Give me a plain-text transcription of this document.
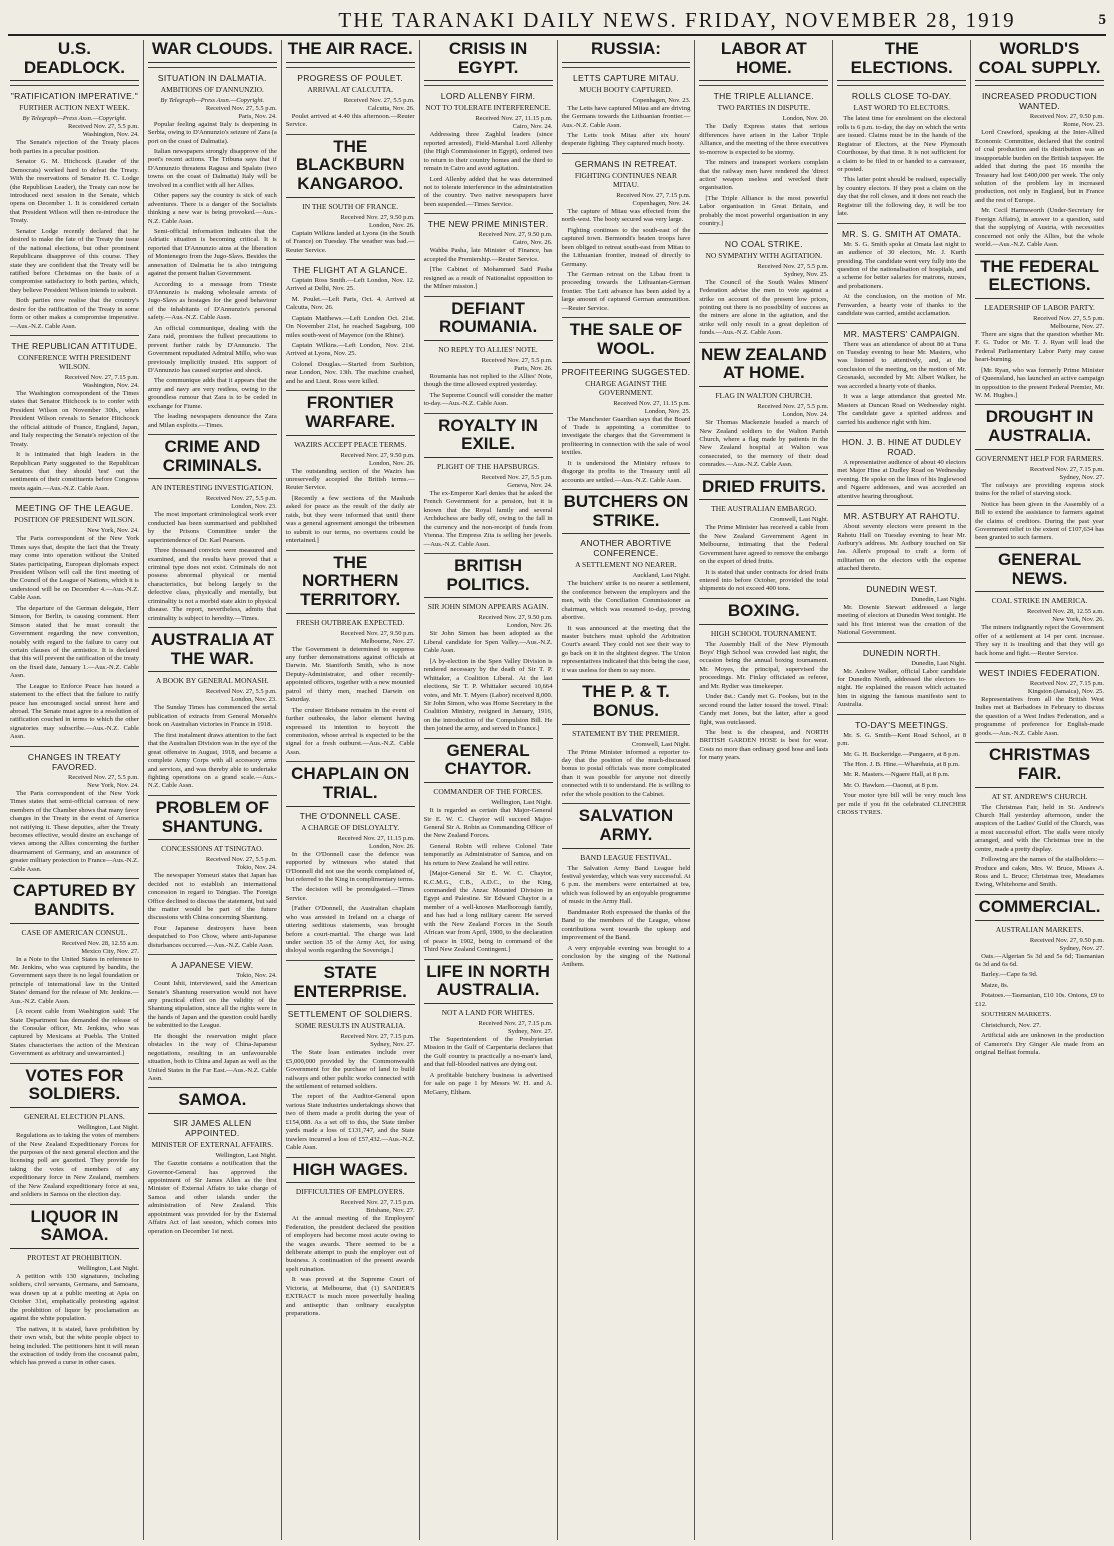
THE TARANAKI DAILY NEWS. FRIDAY, NOVEMBER 28, 1919	5
U.S. DEADLOCK.
"RATIFICATION IMPERATIVE."
FURTHER ACTION NEXT WEEK.
By Telegraph—Press Assn.—Copyright.
Received Nov. 27, 5.5 p.m.
Washington, Nov. 24.

The Senate's rejection of the Treaty places both parties in a peculiar position.

Senator G. M. Hitchcock (Leader of the Democrats) worked hard to defeat the Treaty. With the reservations of Senator H. C. Lodge (the Republican Leader), the Treaty can now be introduced next session in the Senate, which opens on December 1. It is considered certain that President Wilson will then re-introduce the Treaty.

Senator Lodge recently declared that he desired to make the fate of the Treaty the issue of the national elections, but other prominent Republicans disapprove of this course. They state they are confident that the Treaty will be ratified before Christmas on the basis of a compromise satisfactory to both parties, which, they believe President Wilson intends to submit.

Both parties now realise that the country's desire for the ratification of the Treaty in some form or other makes a compromise imperative.—Aus.-N.Z. Cable Assn.

THE REPUBLICAN ATTITUDE.
CONFERENCE WITH PRESIDENT WILSON.
Received Nov. 27, 7.15 p.m.
Washington, Nov. 24.

The Washington correspondent of the Times states that Senator Hitchcock is to confer with President Wilson on November 30th., when President Wilson reveals to Senator Hitchcock the official attitude of France, England, Japan, and Italy respecting the Senate's rejection of the Treaty.

It is intimated that high leaders in the Republican Party suggested to the Republican Senators that they should 'test' out the sentiments of their constituents before Congress meets again.—Aus.-N.Z. Cable Assn.

MEETING OF THE LEAGUE.
POSITION OF PRESIDENT WILSON.
New York, Nov. 24.

The Paris correspondent of the New York Times says that, despite the fact that the Treaty may come into operation without the United States participating, European diplomats expect President Wilson will call the first meeting of the Council of the League of Nations, which it is understood will be on December 4.—Aus.-N.Z. Cable Assn.

The departure of the German delegate, Herr Simson, for Berlin, is causing comment. Herr Simson stated that he must consult the Government regarding the new convention, notably with regard to the failure to carry out certain clauses of the armistice. It is declared that this will prevent the ratification of the treaty on the fixed date, January 1.—Aus.-N.Z. Cable Assn.

The League to Enforce Peace has issued a statement to the effect that the failure to ratify peace has encouraged social unrest here and abroad. The Senate must agree to a resolution of ratification couched in terms to which the other signatories may subscribe.—Aus.-N.Z. Cable Assn.

CHANGES IN TREATY FAVORED.
Received Nov. 27, 5.5 p.m.
New York, Nov. 24.

The Paris correspondent of the New York Times states that semi-official canvass of new members of the Chamber shows that many favor changes in the Treaty in the event of America not ratifying it. These deputies, after the Treaty becomes effective, would desire an exchange of views among the Allies concerning the further disarmament of Germany, and an assurance of greater military protection to France—Aus.-N.Z. Cable Assn.

CAPTURED BY BANDITS.
CASE OF AMERICAN CONSUL.
Received Nov. 28, 12.55 a.m.
Mexico City, Nov. 27.

In a Note to the United States in reference to Mr. Jenkins, who was captured by bandits, the Government says there is no legal foundation or principle of international law in the United States' demand for the release of Mr. Jenkins.—Aus.-N.Z. Cable Assn.

[A recent cable from Washington said: The State Department has demanded the release of the Consular officer, Mr. Jenkins, who was captured by Mexicans at Puebla. The United States characterises the action of the Mexican Government as arbitrary and unwarranted.]

VOTES FOR SOLDIERS.
GENERAL ELECTION PLANS.
Wellington, Last Night.

Regulations as to taking the votes of members of the New Zealand Expeditionary Forces for the purposes of the next general election and the licensing poll are gazetted. They provide for taking the votes of members of any expeditionary force in New Zealand, members of the New Zealand expeditionary force at sea, and soldiers in Samoa on the election day.

LIQUOR IN SAMOA.
PROTEST AT PROHIBITION.
Wellington, Last Night.

A petition with 130 signatures, including soldiers, civil servants, Germans, and Samoans, was drawn up at a public meeting at Apia on October 31st, emphatically protesting against the prohibition of liquor by proclamation as against the white population.

The natives, it is stated, have prohibition by their own wish, but the white people object to being included. The petitioners hint it will mean the extraction of toddy from the cocoanut palm, which has proved a curse in other cases.

WAR CLOUDS.
SITUATION IN DALMATIA.
AMBITIONS OF D'ANNUNZIO.
By Telegraph—Press Assn.—Copyright.
Received Nov. 27, 5.5 p.m.
Paris, Nov. 24.

Popular feeling against Italy is deepening in Serbia, owing to D'Annunzio's seizure of Zara (a port on the coast of Dalmatia).

Italian newspapers strongly disapprove of the poet's recent actions. The Tribuna says that if D'Annunzio threatens Ragusa and Spalato (two towns on the coast of Dalmatia) Italy will be involved in a conflict with all her Allies.

Other papers say the country is sick of such adventures. There is a danger of the Socialists thinking a new war is being provoked.—Aus.-N.Z. Cable Assn.

Semi-official information indicates that the Adriatic situation is becoming critical. It is reported that D'Annunzio aims at the liberation of Montenegro from the Jugo-Slavs. Besides the annexation of Dalmatia he is also intriguing against the present Italian Government.

According to a message from Trieste D'Annunzio is making wholesale arrests of Jugo-Slavs as hostages for the good behaviour of the inhabitants of D'Annunzio's personal safety.—Aus.-N.Z. Cable Assn.

An official communique, dealing with the Zara raid, promises the fullest precautions to prevent further raids by D'Annunzio. The Government repudiated Admiral Millo, who was previously implicitly trusted. His support of D'Annunzio has caused surprise and shock.

The communique adds that it appears that the army and navy are very restless, owing to the groundless rumour that Zara is to be ceded in exchange for Fiume.

The leading newspapers denounce the Zara and Milan exploits.—Times.

CRIME AND CRIMINALS.
AN INTERESTING INVESTIGATION.
Received Nov. 27, 5.5 p.m.
London, Nov. 23.

The most important criminological work ever conducted has been summarised and published by the Prisons Committee under the superintendence of Dr. Karl Pearson.

Three thousand convicts were measured and examined, and the results have proved that a criminal type does not exist. Criminals do not possess abnormal physical or mental characteristics, but belong largely to the defective class, physically and mentally, but criminality is not a morbid state akin to physical disease. The report, nevertheless, admits that criminality is subject to heredity.—Times.

AUSTRALIA AT THE WAR.
A BOOK BY GENERAL MONASH.
Received Nov. 27, 5.5 p.m.
London, Nov. 23.

The Sunday Times has commenced the serial publication of extracts from General Monash's book on Australian victories in France in 1918.

The first instalment draws attention to the fact that the Australian Division was in the eye of the great offensive in August, 1918, and became a complete Army Corps with all accessory arms and services, and was thereby able to undertake fighting operations on a grand scale.—Aus.-N.Z. Cable Assn.

PROBLEM OF SHANTUNG.
CONCESSIONS AT TSINGTAO.
Received Nov. 27, 5.5 p.m.
Tokio, Nov. 24.

The newspaper Yomeuri states that Japan has decided not to establish an international concession in regard to Tsingtao. The Foreign Office declined to discuss the statement, but said the matter would be part of the future discussions with China concerning Shantung.

Four Japanese destroyers have been despatched to Foo Chow, where anti-Japanese disturbances occurred.—Aus.-N.Z. Cable Assn.

A JAPANESE VIEW.
Tokio, Nov. 24.

Count Ishii, interviewed, said the American Senate's Shantung reservation would not have any practical effect on the validity of the Shantung stipulation, since all the rights were in the hands of Japan and the question could hardly be submitted to the League.

He thought the reservation might place obstacles in the way of China-Japanese negotiations, resulting in an unfavourable situation, both to China and Japan as well as the United States in the Far East.—Aus.-N.Z. Cable Assn.

SAMOA.
SIR JAMES ALLEN APPOINTED.
MINISTER OF EXTERNAL AFFAIRS.
Wellington, Last Night.

The Gazette contains a notification that the Governor-General has approved the appointment of Sir James Allen as the first Minister of External Affairs to take charge of Samoa and other islands under the administration of New Zealand. This appointment was provided for by the External Affairs Act of last session, which comes into operation on December 1st next.

THE AIR RACE.
PROGRESS OF POULET.
ARRIVAL AT CALCUTTA.
Received Nov. 27, 5.5 p.m.
Calcutta, Nov. 26.

Poulet arrived at 4.40 this afternoon.—Reuter Service.

THE BLACKBURN KANGAROO.
IN THE SOUTH OF FRANCE.
Received Nov. 27, 9.50 p.m.
London, Nov. 26.

Captain Wilkins landed at Lyons (in the South of France) on Tuesday. The weather was bad.—Reuter Service.

THE FLIGHT AT A GLANCE.

Captain Ross Smith.—Left London, Nov. 12. Arrived at Delhi, Nov. 25.

M. Poulet.—Left Paris, Oct. 4. Arrived at Calcutta, Nov. 26.

Captain Matthews.—Left London Oct. 21st. On November 21st, he reached Sagsburg, 100 miles south-west of Mayence (on the Rhine).

Captain Wilkins.—Left London, Nov. 21st. Arrived at Lyons, Nov. 25.

Colonel Douglas.—Started from Surbiton, near London, Nov. 13th. The machine crashed, and he and Lieut. Ross were killed.

FRONTIER WARFARE.
WAZIRS ACCEPT PEACE TERMS.
Received Nov. 27, 9.50 p.m.
London, Nov. 26.

The outstanding section of the Wazirs has unreservedly accepted the British terms.—Reuter Service.

[Recently a few sections of the Mashuds asked for peace as the result of the daily air raids, but they were informed that until there was a general agreement amongst the tribesmen to submit to our terms, no overtures could be entertained.]

THE NORTHERN TERRITORY.
FRESH OUTBREAK EXPECTED.
Received Nov. 27, 9.50 p.m.
Melbourne, Nov. 27.

The Government is determined to suppress any further demonstrations against officials at Darwin. Mr. Staniforth Smith, who is now Deputy-Administrator, and other recently-appointed officers, together with a new mounted patrol of thirty men, reached Darwin on Saturday.

The cruiser Brisbane remains in the event of further outbreaks, the labor element having expressed its intention to boycott the commission, whose arrival is expected to be the signal for a fresh outburst.—Aus.-N.Z. Cable Assn.

CHAPLAIN ON TRIAL.
THE O'DONNELL CASE.
A CHARGE OF DISLOYALTY.
Received Nov. 27, 11.15 p.m.
London, Nov. 26.

In the O'Donnell case the defence was supported by witnesses who stated that O'Donnell did not use the words complained of, but referred to the King in complimentary terms.

The decision will be promulgated.—Times Service.

[Father O'Donnell, the Australian chaplain who was arrested in Ireland on a charge of uttering seditious statements, was brought before a court-martial. The charge was laid under section 35 of the Army Act, for using disloyal words regarding the Sovereign.]

STATE ENTERPRISE.
SETTLEMENT OF SOLDIERS.
SOME RESULTS IN AUSTRALIA.
Received Nov. 27, 7.15 p.m.
Sydney, Nov. 27.

The State loan estimates include over £5,000,000 provided by the Commonwealth Government for the purchase of land to build railways and other public works connected with the settlement of returned soldiers.

The report of the Auditor-General upon various State industries undertakings shows that two of them made a profit during the year of £154,088. As a set off to this, the State timber yards made a loss of £131,747, and the State trawlers incurred a loss of £57,432.—Aus.-N.Z. Cable Assn.

HIGH WAGES.
DIFFICULTIES OF EMPLOYERS.
Received Nov. 27, 7.15 p.m.
Brisbane, Nov. 27.

At the annual meeting of the Employers' Federation, the president declared the position of employers had become most acute owing to the wages awards. There seemed to be a deliberate attempt to push the employer out of business. A continuation of the present awards spelt ruination.

It was proved at the Supreme Court of Victoria, at Melbourne, that (1) SANDER'S EXTRACT is much more powerfully healing and antiseptic than ordinary eucalyptus preparations.

CRISIS IN EGYPT.
LORD ALLENBY FIRM.
NOT TO TOLERATE INTERFERENCE.
Received Nov. 27, 11.15 p.m.
Cairo, Nov. 24.

Addressing three Zaghlul leaders (since reported arrested), Field-Marshal Lord Allenby (the High Commissioner in Egypt), ordered two to return to their country homes and the third to remain in Cairo and avoid agitation.

Lord Allenby added that he was determined not to tolerate interference in the administration of the country. Two native newspapers have been suspended.—Times Service.

THE NEW PRIME MINISTER.
Received Nov. 27, 9.50 p.m.
Cairo, Nov. 26.

Wahba Pasha, late Minister of Finance, has accepted the Premiership.—Reuter Service.

[The Cabinet of Mohammed Said Pasha resigned as a result of Nationalist opposition to the Milner mission.]

DEFIANT ROUMANIA.
NO REPLY TO ALLIES' NOTE.
Received Nov. 27, 5.5 p.m.
Paris, Nov. 26.

Roumania has not replied to the Allies' Note, though the time allowed expired yesterday.

The Supreme Council will consider the matter to-day.—Aus.-N.Z. Cable Assn.

ROYALTY IN EXILE.
PLIGHT OF THE HAPSBURGS.
Received Nov. 27, 5.5 p.m.
Geneva, Nov. 24.

The ex-Emperor Karl denies that he asked the French Government for a pension, but it is known that the Royal family and several Archduchess are badly off, owing to the fall in the currency and the non-receipt of funds from Vienna. The Empress Zita is selling her jewels.—Aus.-N.Z. Cable Assn.

BRITISH POLITICS.
SIR JOHN SIMON APPEARS AGAIN.
Received Nov. 27, 9.50 p.m.
London, Nov. 26.

Sir John Simon has been adopted as the Liberal candidate for Spen Valley.—Aus.-N.Z. Cable Assn.

[A by-election in the Spen Valley Division is rendered necessary by the death of Sir T. P. Whittaker, a Coalition Liberal. At the last elections, Sir T. P. Whittaker secured 10,664 votes, and Mr. T. Myers (Labor) received 8,000. Sir John Simon, who was Home Secretary in the Coalition Ministry, resigned in January, 1916, on the introduction of the Compulsion Bill. He then joined the army, and served in France.]

GENERAL CHAYTOR.
COMMANDER OF THE FORCES.
Wellington, Last Night.

It is regarded as certain that Major-General Sir E. W. C. Chaytor will succeed Major-General Sir A. Robin as Commanding Officer of the New Zealand Forces.

General Robin will relieve Colonel Tate temporarily as Administrator of Samoa, and on his return to New Zealand he will retire.

[Major-General Sir E. W. C. Chaytor, K.C.M.G., C.B., A.D.C., to the King, commanded the Anzac Mounted Division in Egypt and Palestine. Sir Edward Chaytor is a member of a well-known Marlborough family, and has had a long military career. He served with the New Zealand Forces in the South African war from April, 1900, to the declaration of peace in 1902, being in command of the Third New Zealand Contingent.]

LIFE IN NORTH AUSTRALIA.
NOT A LAND FOR WHITES.
Received Nov. 27, 7.15 p.m.
Sydney, Nov. 27.

The Superintendent of the Presbyterian Mission in the Gulf of Carpentaria declares that the Gulf country is practically a no-man's land, and that full-blooded natives are dying out.

A profitable butchery business is advertised for sale on page 1 by Messrs W. H. and A. McGarry, Eltham.

RUSSIA:
LETTS CAPTURE MITAU.
MUCH BOOTY CAPTURED.
Copenhagen, Nov. 23.

The Letts have captured Mitau and are driving the Germans towards the Lithuanian frontier.—Aus.-N.Z. Cable Assn.

The Letts took Mitau after six hours' desperate fighting. They captured much booty.

GERMANS IN RETREAT.
FIGHTING CONTINUES NEAR MITAU.
Received Nov. 27, 7.15 p.m.
Copenhagen, Nov. 24.

The capture of Mitau was effected from the north-west. The booty secured was very large.

Fighting continues to the south-east of the captured town. Bermondt's beaten troops have been obliged to retreat south-east from Mitau to the Lithuanian frontier, instead of directly to Germany.

The German retreat on the Libau front is proceeding towards the Lithuanian-German frontier. The Lett advance has been aided by a large amount of captured German ammunition.—Reuter Service.

THE SALE OF WOOL.
PROFITEERING SUGGESTED.
CHARGE AGAINST THE GOVERNMENT.
Received Nov. 27, 11.15 p.m.
London, Nov. 25.

The Manchester Guardian says that the Board of Trade is appointing a committee to investigate the charges that the Government is profiteering in connection with the sale of wool textiles.

It is understood the Ministry refuses to disgorge its profits to the Treasury until all accounts are settled.—Aus.-N.Z. Cable Assn.

BUTCHERS ON STRIKE.
ANOTHER ABORTIVE CONFERENCE.
A SETTLEMENT NO NEARER.
Auckland, Last Night.

The butchers' strike is no nearer a settlement, the conference between the employers and the men, with the Conciliation Commissioner as chairman, which was resumed to-day, proving abortive.

It was announced at the meeting that the master butchers must uphold the Arbitration Court's award. They could not see their way to go back on it in the slightest degree. The Union representatives indicated that this being the case, it was useless for them to say more.

THE P. & T. BONUS.
STATEMENT BY THE PREMIER.
Cromwell, Last Night.

The Prime Minister informed a reporter to-day that the position of the much-discussed bonus to postal officials was more complicated than it was possible for anyone not directly connected with it to understand. He is willing to refer the whole position to the Cabinet.

SALVATION ARMY.
BAND LEAGUE FESTIVAL.

The Salvation Army Band League held festival yesterday, which was very successful. At 6 p.m. the members were entertained at tea, which was followed by an enjoyable programme of music in the Army Hall.

Bandmaster Roth expressed the thanks of the Band to the members of the League, whose contributions went towards the upkeep and improvement of the Band.

A very enjoyable evening was brought to a conclusion by the singing of the National Anthem.

LABOR AT HOME.
THE TRIPLE ALLIANCE.
TWO PARTIES IN DISPUTE.
London, Nov. 20.

The Daily Express states that serious differences have arisen in the Labor Triple Alliance, and the meeting of the three executives to-morrow is expected to be stormy.

The miners and transport workers complain that the railway men have rendered the 'direct action' weapon useless and wrecked their organisation.

[The Triple Alliance is the most powerful Labor organisation in Great Britain, and probably the most powerful organisation in any country.]

NO COAL STRIKE.
NO SYMPATHY WITH AGITATION.
Received Nov. 27, 5.5 p.m.
Sydney, Nov. 25.

The Council of the South Wales Miners' Federation advise the men to vote against a strike on account of the present low prices, pointing out there is no possibility of success as the miners are alone in the agitation, and the strike will only result in a great depletion of funds.—Aus.-N.Z. Cable Assn.

NEW ZEALAND AT HOME.
FLAG IN WALTON CHURCH.
Received Nov. 27, 5.5 p.m.
London, Nov. 24.

Sir Thomas Mackenzie headed a march of New Zealand soldiers to the Walton Parish Church, where a flag made by patients in the New Zealand hospital at Walton was consecrated, to the memory of their dead comrades.—Aus.-N.Z. Cable Assn.

DRIED FRUITS.
THE AUSTRALIAN EMBARGO.
Cromwell, Last Night.

The Prime Minister has received a cable from the New Zealand Government Agent in Melbourne, intimating that the Federal Government have agreed to remove the embargo on the export of dried fruits.

It is stated that under contracts for dried fruits entered into before October, provided the total shipments do not exceed 400 tons.

BOXING.
HIGH SCHOOL TOURNAMENT.

The Assembly Hall of the New Plymouth Boys' High School was crowded last night, the occasion being the annual boxing tournament. Mr. Moyes, the principal, supervised the proceedings. Mr. Finlay officiated as referee, and Mr. Rydier was timekeeper.

Under 8st.: Candy met G. Fookes, but in the second round the latter tossed the towel. Final: Candy met Jones, but the latter, after a good fight, was outclassed.

The best is the cheapest, and NORTH BRITISH GARDEN HOSE is best for wear. Costs no more than ordinary good hose and lasts for many years.

THE ELECTIONS.
ROLLS CLOSE TO-DAY.
LAST WORD TO ELECTORS.

The latest time for enrolment on the electoral rolls is 6 p.m. to-day, the day on which the writs are issued. Claims must be in the hands of the Registrar of Electors, at the New Plymouth Courthouse, by that time. It is not sufficient for a claim to be filed in or handed to a canvasser, or posted.

This latter point should be realised, especially by country electors. If they post a claim on the day that the roll closes, and it does not reach the Registrar till the following day, it will be too late.

MR. S. G. SMITH AT OMATA.

Mr. S. G. Smith spoke at Omata last night to an audience of 30 electors, Mr. J. Kurth presiding. The candidate went very fully into the question of the nationalisation of hospitals, and a scheme for better salaries for matrons, nurses, and probationers.

At the conclusion, on the motion of Mr. Fenwarden, a hearty vote of thanks to the candidate was carried, amidst acclamation.

MR. MASTERS' CAMPAIGN.

There was an attendance of about 80 at Tuna on Tuesday evening to hear Mr. Masters, who was listened to attentively, and, at the conclusion of the meeting, on the motion of Mr. Grosnaski, seconded by Mr. Albert Walker, he was accorded a hearty vote of thanks.

It was a large attendance that greeted Mr. Masters at Duncan Road on Wednesday night. The candidate gave a spirited address and carried his audience right with him.

HON. J. B. HINE AT DUDLEY ROAD.

A representative audience of about 40 electors met Major Hine at Dudley Road on Wednesday evening. He spoke on the lines of his Inglewood and Ngaere addresses, and was accorded an attentive hearing throughout.

MR. ASTBURY AT RAHOTU.

About seventy electors were present in the Rahotu Hall on Tuesday evening to hear Mr. Astbury's address. Mr. Astbury touched on Sir Jas. Allen's proposal to craft a form of militarism on the electors with the expense attached thereto.

DUNEDIN WEST.
Dunedin, Last Night.

Mr. Downie Stewart addressed a large meeting of electors at Dunedin West tonight. He said his first interest was the creation of the National Government.

DUNEDIN NORTH.
Dunedin, Last Night.

Mr. Andrew Walker, official Labor candidate for Dunedin North, addressed the electors to-night. He explained the reason which actuated him in signing the famous manifesto sent to Australia.

TO-DAY'S MEETINGS.

Mr. S. G. Smith—Kent Road School, at 8 p.m.

Mr. G. H. Buckeridge.—Pungaere, at 8 p.m.

The Hon. J. B. Hine.—Wharehuia, at 8 p.m.

Mr. R. Masters.—Ngaere Hall, at 8 p.m.

Mr. O. Hawken.—Oaonui, at 8 p.m.

Your motor tyre bill will be very much less per mile if you fit the celebrated CLINCHER CROSS TYRES.

WORLD'S COAL SUPPLY.
INCREASED PRODUCTION WANTED.
Received Nov. 27, 9.50 p.m.
Rome, Nov. 23.

Lord Crawford, speaking at the Inter-Allied Economic Committee, declared that the control of coal production and its distribution was an insupportable burden on the British taxpayer. He added that during the past 16 months the Treasury had lost £400,000 per week. The only solution of the problem lay in increased production, not only in England, but in France and the rest of Europe.

Mr. Cecil Harmsworth (Under-Secretary for Foreign Affairs), in answer to a question, said that the supplying of Austria, with necessities concerned not only the Allies, but the whole world.—Aus.-N.Z. Cable Assn.

THE FEDERAL ELECTIONS.
LEADERSHIP OF LABOR PARTY.
Received Nov. 27, 5.5 p.m.
Melbourne, Nov. 27.

There are signs that the question whether Mr. F. G. Tudor or Mr. T. J. Ryan will lead the Federal Parliamentary Labor Party may cause heart-burning.

[Mr. Ryan, who was formerly Prime Minister of Queensland, has launched an active campaign in opposition to the present Federal Premier, Mr. W. M. Hughes.]

DROUGHT IN AUSTRALIA.
GOVERNMENT HELP FOR FARMERS.
Received Nov. 27, 7.15 p.m.
Sydney, Nov. 27.

The railways are providing express stock trains for the relief of starving stock.

Notice has been given in the Assembly of a Bill to extend the assistance to farmers against the claims of creditors. During the past year Government relief to the extent of £107,634 has been granted to such farmers.

GENERAL NEWS.
COAL STRIKE IN AMERICA.
Received Nov. 28, 12.55 a.m.
New York, Nov. 26.

The miners indignantly reject the Government offer of a settlement at 14 per cent. increase. They say it is insulting and that they will go back home and fight.—Reuter Service.

WEST INDIES FEDERATION.
Received Nov. 27, 7.15 p.m.
Kingston (Jamaica), Nov. 25.

Representatives from all the British West Indies met at Barbadoes in February to discuss the question of a West Indies Federation, and a programme of preference for English-made goods.—Aus.-N.Z. Cable Assn.

CHRISTMAS FAIR.
AT ST. ANDREW'S CHURCH.

The Christmas Fair, held in St. Andrew's Church Hall yesterday afternoon, under the auspices of the Ladies' Guild of the Church, was a most successful effort. The stalls were nicely arranged, and with the Christmas tree in the centre, made a pretty display.

Following are the names of the stallholders:—Produce and cakes, Mrs. W. Bruce, Misses A. Ross and L. Bruce; Christmas tree, Meadames Ewing, Whitehorne and Smith.

COMMERCIAL.
AUSTRALIAN MARKETS.
Received Nov. 27, 9.50 p.m.
Sydney, Nov. 27.

Oats.—Algerian 5s 3d and 5s 6d; Tasmanian 6s 3d and 6s 6d.

Barley.—Cape 6s 9d.

Maize, 8s.

Potatoes.—Tasmanian, £10 10s. Onions, £9 to £12.

SOUTHERN MARKETS.

Christchurch, Nov. 27.

Artificial aids are unknown in the production of Cameron's Dry Ginger Ale made from an original Belfast formula.
